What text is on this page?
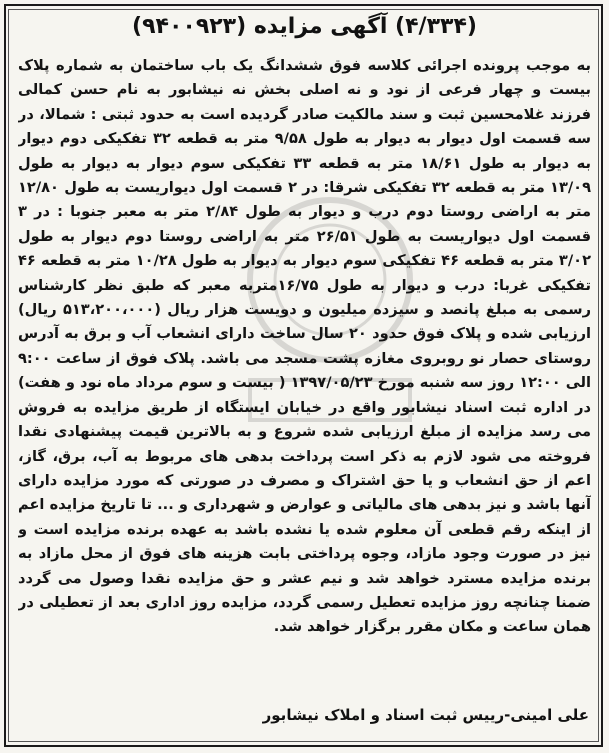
(۴/۳۳۴) آگهی مزایده (۹۴۰۰۹۲۳)
به موجب پرونده اجرائی کلاسه فوق ششدانگ یک باب ساختمان به شماره پلاک بیست و چهار فرعی از نود و نه اصلی بخش نه نیشابور به نام حسن کمالی فرزند غلامحسین ثبت و سند مالکیت صادر گردیده است به حدود ثبتی : شمالا، در سه قسمت اول دیوار به دیوار به طول ۹/۵۸ متر به قطعه ۳۲ تفکیکی دوم دیوار به دیوار به طول ۱۸/۶۱ متر به قطعه ۳۳ تفکیکی سوم دیوار به دیوار به طول ۱۳/۰۹ متر به قطعه ۳۲ تفکیکی شرقا: در ۲ قسمت اول دیواریست به طول ۱۲/۸۰ متر به اراضی روستا دوم درب و دیوار به طول ۲/۸۴ متر به معبر جنوبا : در ۳ قسمت اول دیواریست به طول ۲۶/۵۱ متر به اراضی روستا دوم دیوار به طول ۳/۰۲ متر به قطعه ۴۶ تفکیکی سوم دیوار به دیوار به طول ۱۰/۲۸ متر به قطعه ۴۶ تفکیکی غربا: درب و دیوار به طول ۱۶/۷۵متربه معبر که طبق نظر کارشناس رسمی به مبلغ پانصد و سیزده میلیون و دویست هزار ریال (۵۱۳،۲۰۰،۰۰۰ ریال) ارزیابی شده و پلاک فوق حدود ۲۰ سال ساخت دارای انشعاب آب و برق به آدرس روستای حصار نو روبروی مغازه پشت مسجد می باشد. پلاک فوق از ساعت ۹:۰۰ الی ۱۲:۰۰ روز سه شنبه مورخ ۱۳۹۷/۰۵/۲۳ ( بیست و سوم مرداد ماه نود و هفت) در اداره ثبت اسناد نیشابور واقع در خیابان ایستگاه از طریق مزایده به فروش می رسد مزایده از مبلغ ارزیابی شده شروع و به بالاترین قیمت پیشنهادی نقدا فروخته می شود لازم به ذکر است پرداخت بدهی های مربوط به آب، برق، گاز، اعم از حق انشعاب و یا حق اشتراک و مصرف در صورتی که مورد مزایده دارای آنها باشد و نیز بدهی های مالیاتی و عوارض و شهرداری و ... تا تاریخ مزایده اعم از اینکه رقم قطعی آن معلوم شده یا نشده باشد به عهده برنده مزایده است و نیز در صورت وجود مازاد، وجوه پرداختی بابت هزینه های فوق از محل مازاد به برنده مزایده مسترد خواهد شد و نیم عشر و حق مزایده نقدا وصول می گردد ضمنا چنانچه روز مزایده تعطیل رسمی گردد، مزایده روز اداری بعد از تعطیلی در همان ساعت و مکان مقرر برگزار خواهد شد.
علی امینی-رییس ثبت اسناد و املاک نیشابور
